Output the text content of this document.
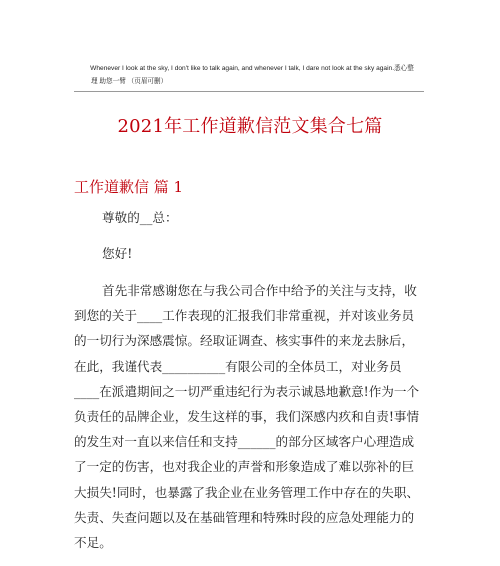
Whenever I look at the sky, I don't like to talk again, and whenever I talk, I dare not look at the sky again.悉心整
理 助您一臂 （页眉可删）
2021年工作道歉信范文集合七篇
工作道歉信 篇 1
尊敬的__总：
您好!
首先非常感谢您在与我公司合作中给予的关注与支持，收
到您的关于____工作表现的汇报我们非常重视，并对该业务员
的一切行为深感震惊。经取证调查、核实事件的来龙去脉后，
在此，我谨代表__________有限公司的全体员工，对业务员
____在派遣期间之一切严重违纪行为表示诚恳地歉意!作为一个
负责任的品牌企业，发生这样的事，我们深感内疚和自责!事情
的发生对一直以来信任和支持______的部分区域客户心理造成
了一定的伤害，也对我企业的声誉和形象造成了难以弥补的巨
大损失!同时，也暴露了我企业在业务管理工作中存在的失职、
失责、失查问题以及在基础管理和特殊时段的应急处理能力的
不足。
